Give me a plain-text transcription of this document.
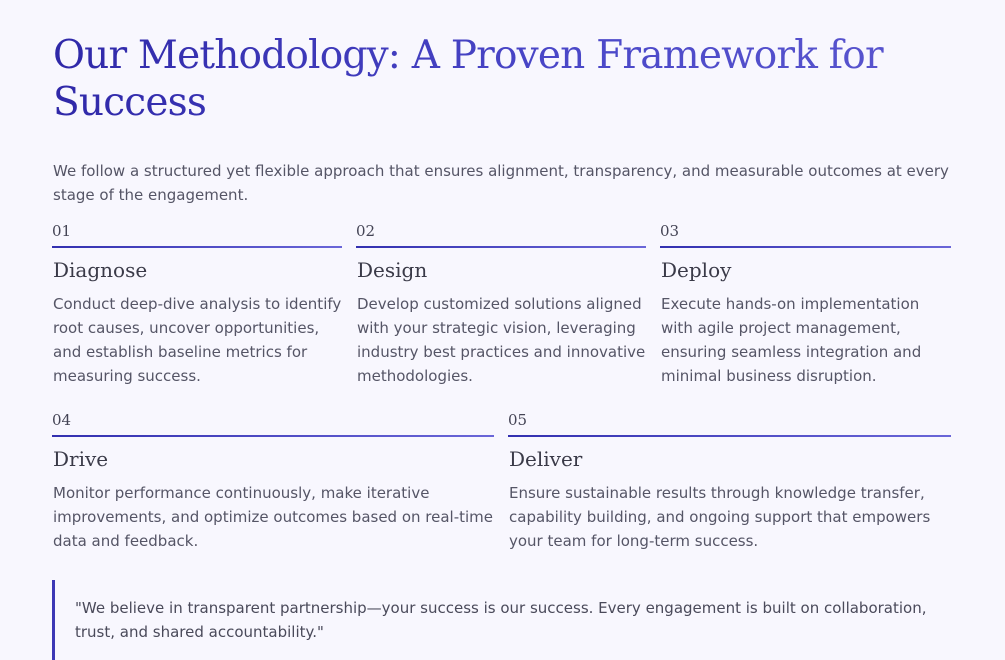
Our Methodology: A Proven Framework for Success

We follow a structured yet flexible approach that ensures alignment, transparency, and measurable outcomes at every stage of the engagement.

01
Diagnose
Conduct deep-dive analysis to identify root causes, uncover opportunities, and establish baseline metrics for measuring success.
02
Design
Develop customized solutions aligned with your strategic vision, leveraging industry best practices and innovative methodologies.
03
Deploy
Execute hands-on implementation with agile project management, ensuring seamless integration and minimal business disruption.
04
Drive
Monitor performance continuously, make iterative improvements, and optimize outcomes based on real-time data and feedback.
05
Deliver
Ensure sustainable results through knowledge transfer, capability building, and ongoing support that empowers your team for long-term success.

"We believe in transparent partnership—your success is our success. Every engagement is built on collaboration, trust, and shared accountability."
